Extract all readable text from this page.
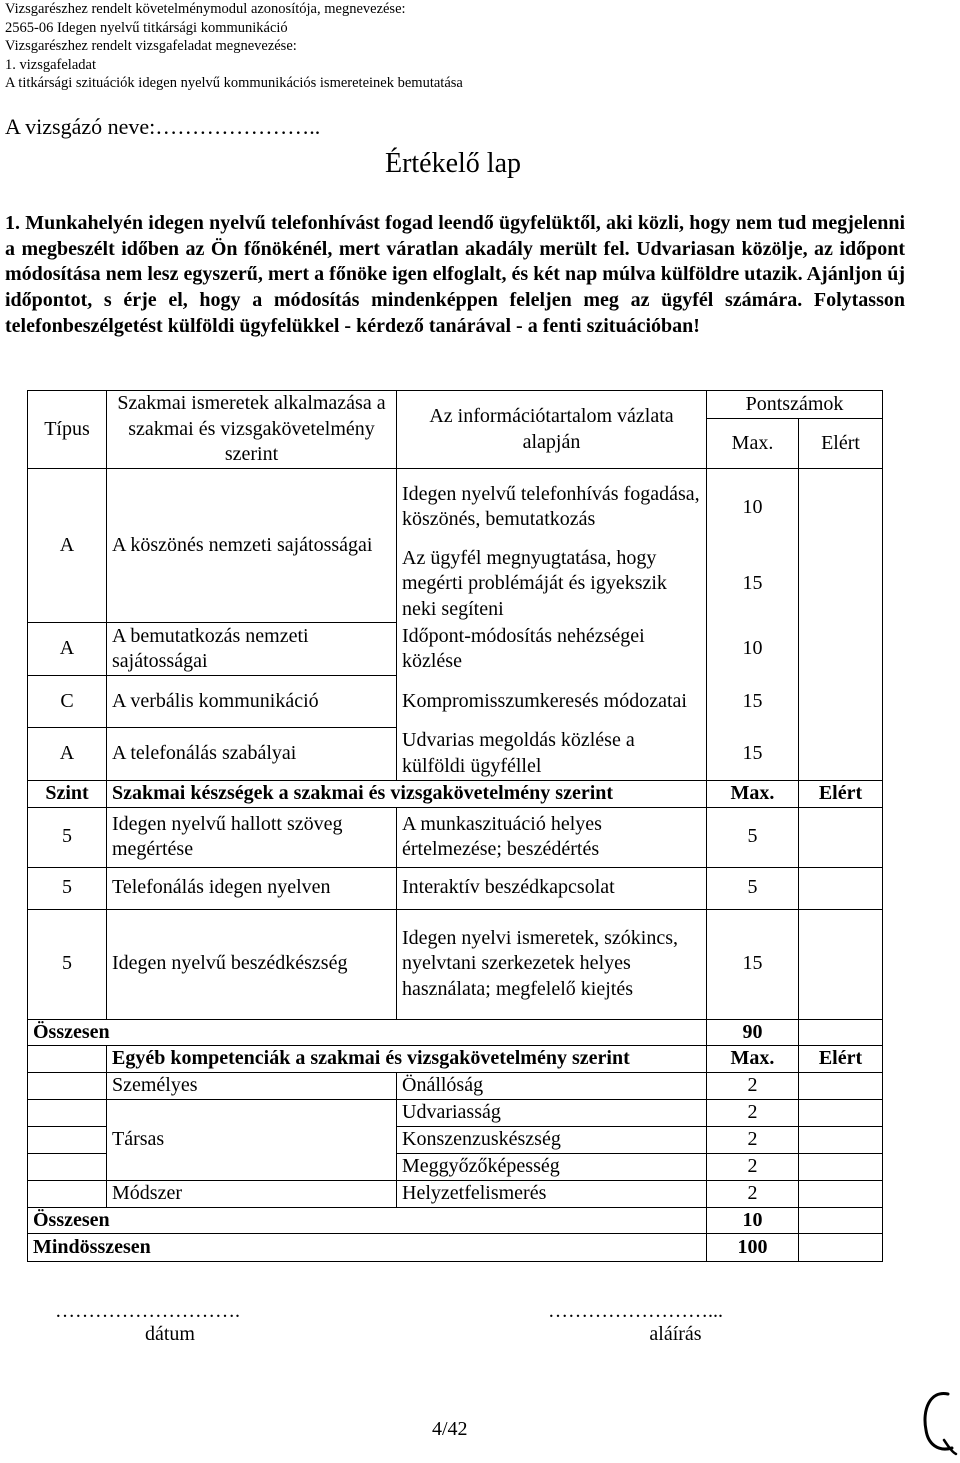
Vizsgarészhez rendelt követelménymodul azonosítója, megnevezése:
2565-06 Idegen nyelvű titkársági kommunikáció
Vizsgarészhez rendelt vizsgafeladat megnevezése:
1. vizsgafeladat
A titkársági szituációk idegen nyelvű kommunikációs ismereteinek bemutatása
A vizsgázó neve:…………………..
Értékelő lap
1. Munkahelyén idegen nyelvű telefonhívást fogad leendő ügyfelüktől, aki közli, hogy nem tud megjelenni a megbeszélt időben az Ön főnökénél, mert váratlan akadály merült fel. Udvariasan közölje, az időpont módosítása nem lesz egyszerű, mert a főnöke igen elfoglalt, és két nap múlva külföldre utazik. Ajánljon új időpontot, s érje el, hogy a módosítás mindenképpen feleljen meg az ügyfél számára. Folytasson telefonbeszélgetést külföldi ügyfelükkel - kérdező tanárával - a fenti szituációban!
Típus	Szakmai ismeretek alkalmazása a szakmai és vizsgakövetelmény szerint	Az információtartalom vázlata alapján	Pontszámok	
			Max.	Elért
A	A köszönés nemzeti sajátosságai	Idegen nyelvű telefonhívás fogadása, köszönés, bemutatkozás	10	
		Az ügyfél megnyugtatása, hogy megérti problémáját és igyekszik neki segíteni	15	
A	A bemutatkozás nemzeti sajátosságai	Időpont-módosítás nehézségei közlése	10	
C	A verbális kommunikáció	Kompromisszumkeresés módozatai	15	
A	A telefonálás szabályai	Udvarias megoldás közlése a külföldi ügyféllel	15	
Szint	Szakmai készségek a szakmai és vizsgakövetelmény szerint		Max.	Elért
5	Idegen nyelvű hallott szöveg megértése	A munkaszituáció helyes értelmezése; beszédértés	5	
5	Telefonálás idegen nyelven	Interaktív beszédkapcsolat	5	
5	Idegen nyelvű beszédkészség	Idegen nyelvi ismeretek, szókincs, nyelvtani szerkezetek helyes használata; megfelelő kiejtés	15	
Összesen			90	
	Egyéb kompetenciák a szakmai és vizsgakövetelmény szerint		Max.	Elért
	Személyes	Önállóság	2	
	Társas	Udvariasság	2	
		Konszenzuskészség	2	
		Meggyőzőképesség	2	
	Módszer	Helyzetfelismerés	2	
Összesen			10	
Mindösszesen			100	
……………………….
dátum
……………………...
aláírás
4/42
